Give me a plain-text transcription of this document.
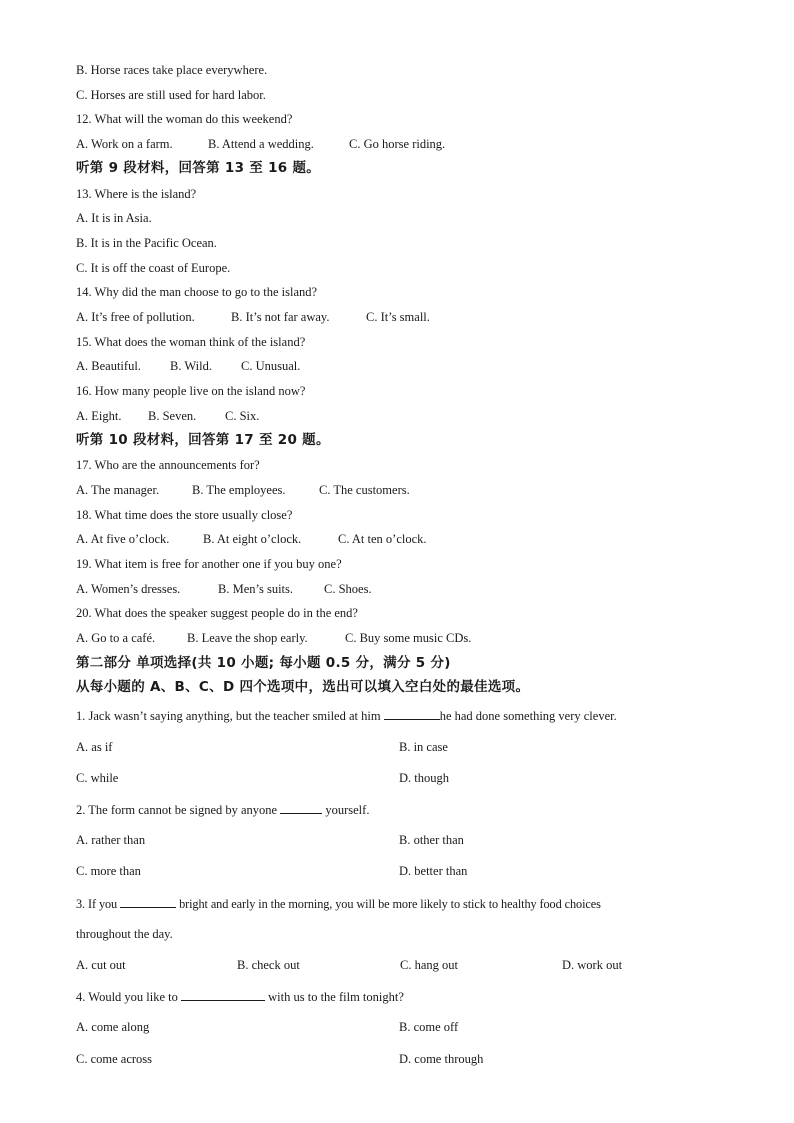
B. Horse races take place everywhere.
C. Horses are still used for hard labor.
12. What will the woman do this weekend?
A. Work on a farm.	B. Attend a wedding.	C. Go horse riding.
听第 9 段材料，回答第 13 至 16 题。
13. Where is the island?
A. It is in Asia.
B. It is in the Pacific Ocean.
C. It is off the coast of Europe.
14. Why did the man choose to go to the island?
A. It’s free of pollution.	B. It’s not far away.	C. It’s small.
15. What does the woman think of the island?
A. Beautiful. B. Wild. C. Unusual.
16. How many people live on the island now?
A. Eight. B. Seven. C. Six.
听第 10 段材料，回答第 17 至 20 题。
17. Who are the announcements for?
A. The manager.	B. The employees.	C. The customers.
18. What time does the store usually close?
A. At five o’clock.	B. At eight o’clock.	C. At ten o’clock.
19. What item is free for another one if you buy one?
A. Women’s dresses.	B. Men’s suits. C. Shoes.
20. What does the speaker suggest people do in the end?
A. Go to a café.	B. Leave the shop early.	C. Buy some music CDs.
第二部分 单项选择(共 10 小题; 每小题 0.5 分，满分 5 分)
从每小题的 A、B、C、D 四个选项中，选出可以填入空白处的最佳选项。
1. Jack wasn’t saying anything, but the teacher smiled at him	he had done something very clever.
A. as if	B. in case
C. while	D. though
2. The form cannot be signed by anyone	yourself.
A. rather than	B. other than
C. more than	D. better than
3. If you	bright and early in the morning, you will be more likely to stick to healthy food choices
throughout the day.
A. cut out	B. check out	C. hang out	D. work out
4. Would you like to	with us to the film tonight?
A. come along	B. come off
C. come across	D. come through
